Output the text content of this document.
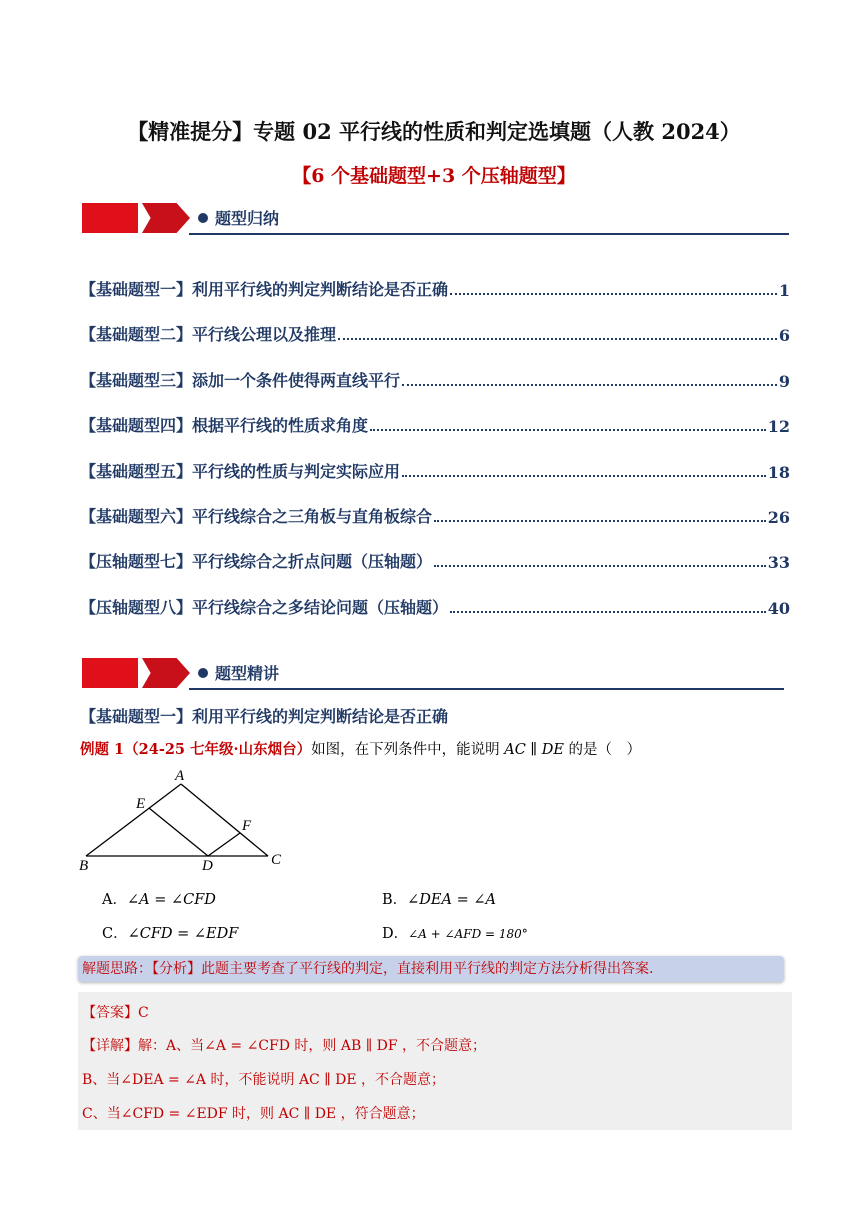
【精准提分】专题 02 平行线的性质和判定选填题（人教 2024）
【6 个基础题型+3 个压轴题型】
题型归纳
【基础题型一】利用平行线的判定判断结论是否正确	1
【基础题型二】平行线公理以及推理	6
【基础题型三】添加一个条件使得两直线平行	9
【基础题型四】根据平行线的性质求角度	12
【基础题型五】平行线的性质与判定实际应用	18
【基础题型六】平行线综合之三角板与直角板综合	26
【压轴题型七】平行线综合之折点问题（压轴题）	33
【压轴题型八】平行线综合之多结论问题（压轴题）	40
题型精讲
【基础题型一】利用平行线的判定判断结论是否正确
例题 1（24-25 七年级·山东烟台）如图，在下列条件中，能说明 AC ∥ DE 的是（　）
A
E
F
B	D	C
A．∠A = ∠CFD	B．∠DEA = ∠A
C．∠CFD = ∠EDF	D．∠A + ∠AFD = 180°
解题思路：【分析】此题主要考查了平行线的判定，直接利用平行线的判定方法分析得出答案.
【答案】C
【详解】解：A、当∠A = ∠CFD 时，则 AB ∥ DF ，不合题意；
B、当∠DEA = ∠A 时，不能说明 AC ∥ DE ，不合题意；
C、当∠CFD = ∠EDF 时，则 AC ∥ DE ，符合题意；
